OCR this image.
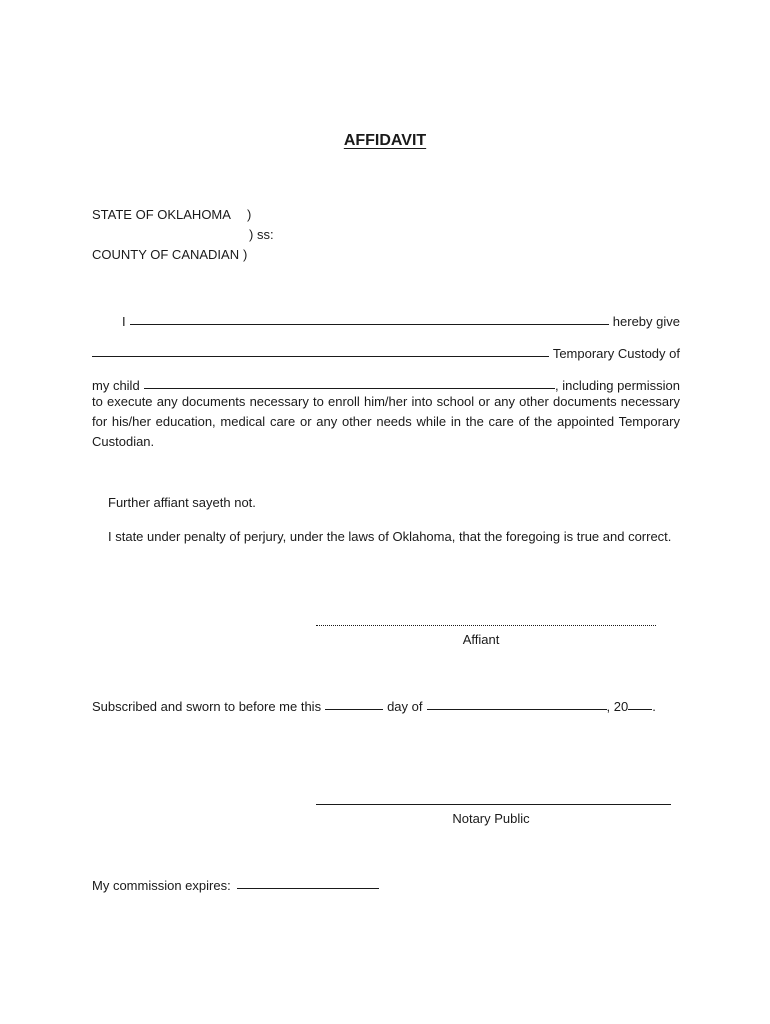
AFFIDAVIT
STATE OF OKLAHOMA )
) ss:
COUNTY OF CANADIAN )
I	hereby give
Temporary Custody of
my child	, including permission
to execute any documents necessary to enroll him/her into school or any other documents necessary for his/her education, medical care or any other needs while in the care of the appointed Temporary Custodian.
Further affiant sayeth not.
I state under penalty of perjury, under the laws of Oklahoma, that the foregoing is true and correct.
Affiant
Subscribed and sworn to before me this	day of	, 20 .
Notary Public
My commission expires:
